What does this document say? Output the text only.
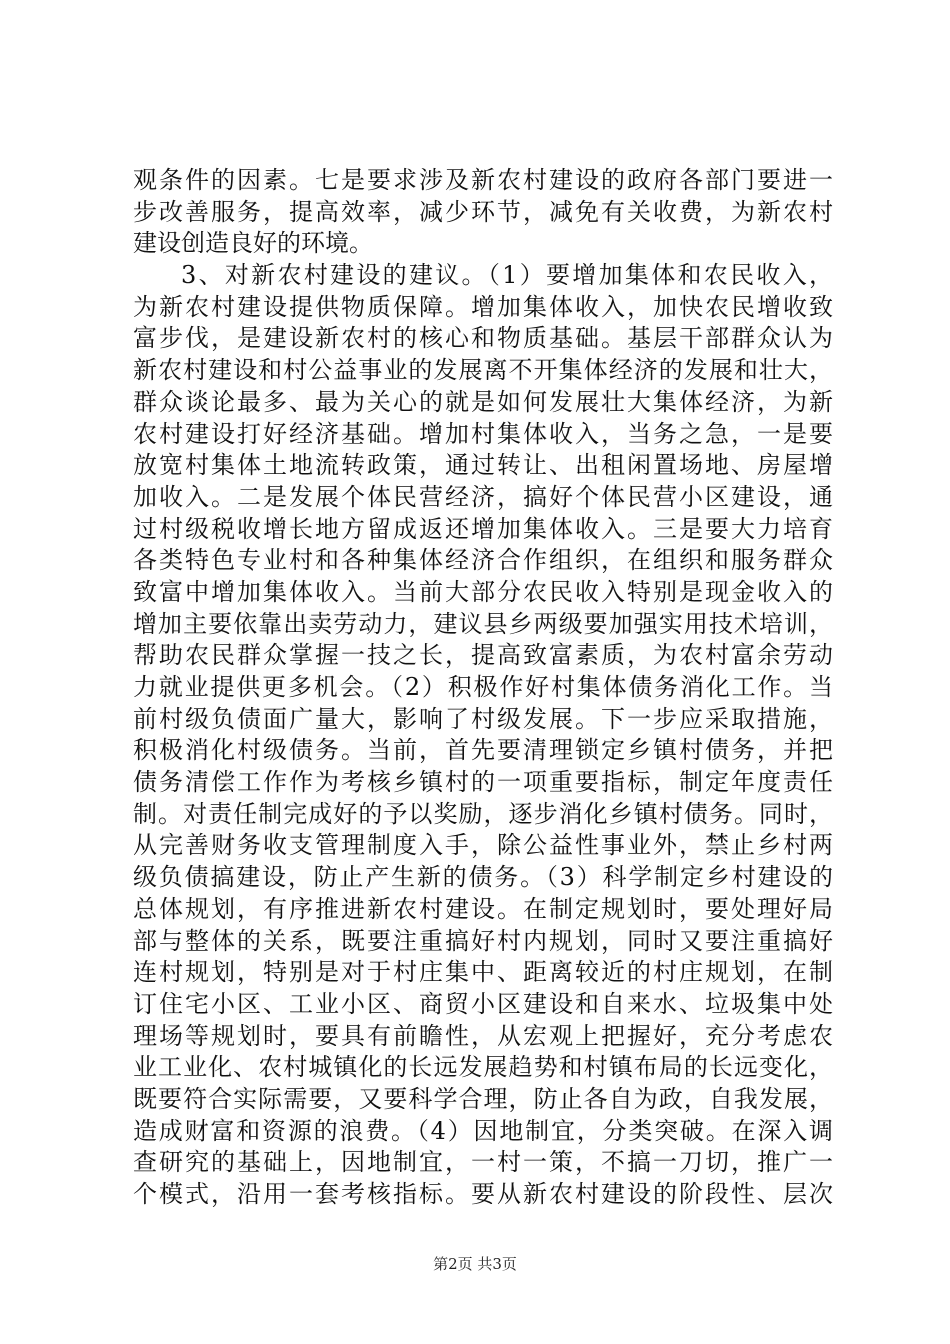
观条件的因素。七是要求涉及新农村建设的政府各部门要进一
步改善服务，提高效率，减少环节，减免有关收费，为新农村
建设创造良好的环境。
3、对新农村建设的建议。（1）要增加集体和农民收入，
为新农村建设提供物质保障。增加集体收入，加快农民增收致
富步伐，是建设新农村的核心和物质基础。基层干部群众认为
新农村建设和村公益事业的发展离不开集体经济的发展和壮大，
群众谈论最多、最为关心的就是如何发展壮大集体经济，为新
农村建设打好经济基础。增加村集体收入，当务之急，一是要
放宽村集体土地流转政策，通过转让、出租闲置场地、房屋增
加收入。二是发展个体民营经济，搞好个体民营小区建设，通
过村级税收增长地方留成返还增加集体收入。三是要大力培育
各类特色专业村和各种集体经济合作组织，在组织和服务群众
致富中增加集体收入。当前大部分农民收入特别是现金收入的
增加主要依靠出卖劳动力，建议县乡两级要加强实用技术培训，
帮助农民群众掌握一技之长，提高致富素质，为农村富余劳动
力就业提供更多机会。（2）积极作好村集体债务消化工作。当
前村级负债面广量大，影响了村级发展。下一步应采取措施，
积极消化村级债务。当前，首先要清理锁定乡镇村债务，并把
债务清偿工作作为考核乡镇村的一项重要指标，制定年度责任
制。对责任制完成好的予以奖励，逐步消化乡镇村债务。同时，
从完善财务收支管理制度入手，除公益性事业外，禁止乡村两
级负债搞建设，防止产生新的债务。（3）科学制定乡村建设的
总体规划，有序推进新农村建设。在制定规划时，要处理好局
部与整体的关系，既要注重搞好村内规划，同时又要注重搞好
连村规划，特别是对于村庄集中、距离较近的村庄规划，在制
订住宅小区、工业小区、商贸小区建设和自来水、垃圾集中处
理场等规划时，要具有前瞻性，从宏观上把握好，充分考虑农
业工业化、农村城镇化的长远发展趋势和村镇布局的长远变化，
既要符合实际需要，又要科学合理，防止各自为政，自我发展，
造成财富和资源的浪费。（4）因地制宜，分类突破。在深入调
查研究的基础上，因地制宜，一村一策，不搞一刀切，推广一
个模式，沿用一套考核指标。要从新农村建设的阶段性、层次
第2页 共3页
